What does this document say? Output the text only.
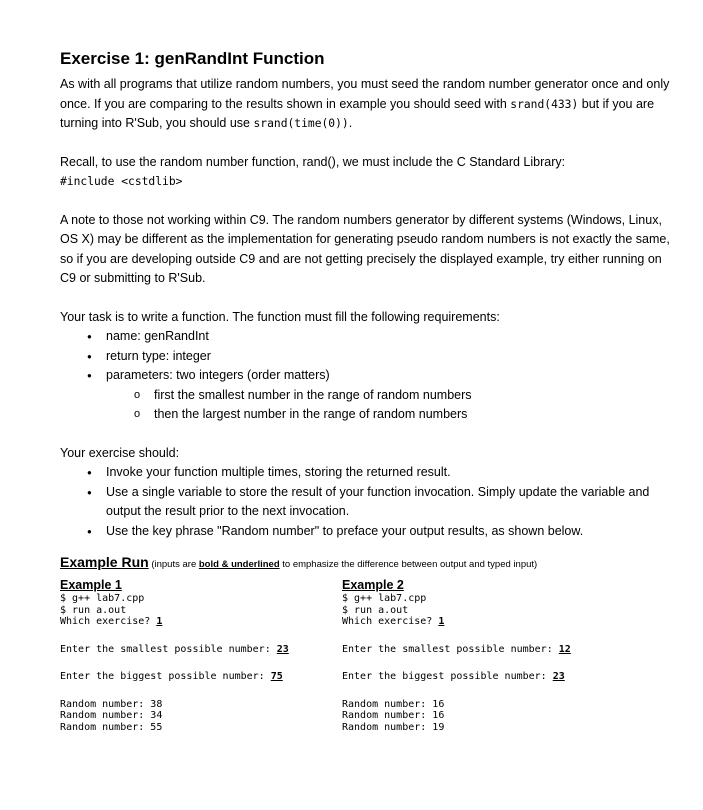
Exercise 1: genRandInt Function

As with all programs that utilize random numbers, you must seed the random number generator once and only once. If you are comparing to the results shown in example you should seed with srand(433) but if you are turning into R'Sub, you should use srand(time(0)).

Recall, to use the random number function, rand(), we must include the C Standard Library:

#include <cstdlib>

A note to those not working within C9. The random numbers generator by different systems (Windows, Linux, OS X) may be different as the implementation for generating pseudo random numbers is not exactly the same, so if you are developing outside C9 and are not getting precisely the displayed example, try either running on C9 or submitting to R'Sub.

Your task is to write a function. The function must fill the following requirements:

● name: genRandInt
● return type: integer
● parameters: two integers (order matters)
o first the smallest number in the range of random numbers
o then the largest number in the range of random numbers

Your exercise should:

● Invoke your function multiple times, storing the returned result.
● Use a single variable to store the result of your function invocation. Simply update the variable and output the result prior to the next invocation.
● Use the key phrase "Random number" to preface your output results, as shown below.
Example Run (inputs are bold & underlined to emphasize the difference between output and typed input)
Example 1
$ g++ lab7.cpp
$ run a.out
Which exercise? 1
Enter the smallest possible number: 23
Enter the biggest possible number: 75
Random number: 38
Random number: 34
Random number: 55
Example 2
$ g++ lab7.cpp
$ run a.out
Which exercise? 1
Enter the smallest possible number: 12
Enter the biggest possible number: 23
Random number: 16
Random number: 16
Random number: 19
